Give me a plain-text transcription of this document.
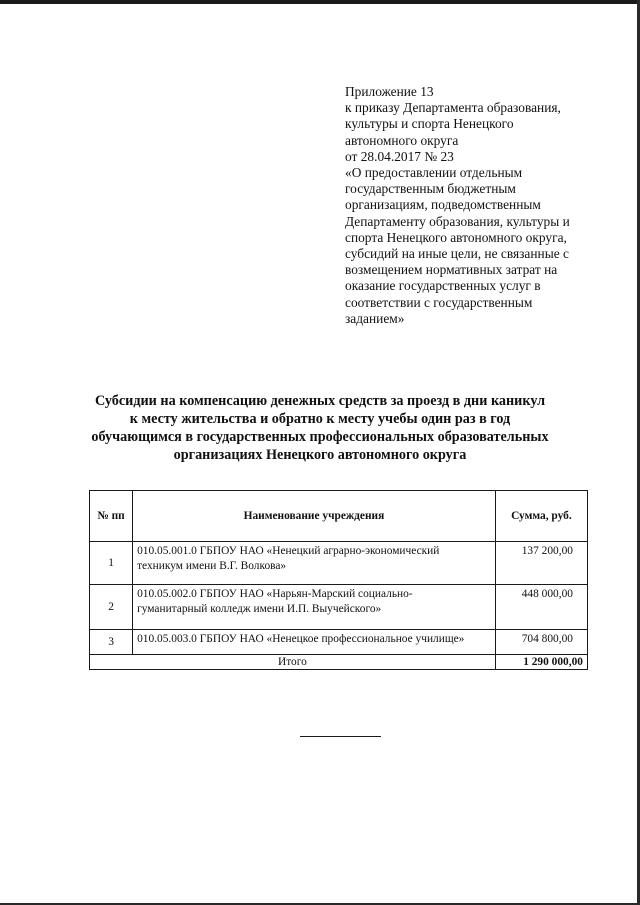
Приложение 13
к приказу Департамента образования,
культуры и спорта Ненецкого
автономного округа
от 28.04.2017 № 23
«О предоставлении отдельным
государственным бюджетным
организациям, подведомственным
Департаменту образования, культуры и
спорта Ненецкого автономного округа,
субсидий на иные цели, не связанные с
возмещением нормативных затрат на
оказание государственных услуг в
соответствии с государственным
заданием»
Субсидии на компенсацию денежных средств за проезд в дни каникул
к месту жительства и обратно к месту учебы один раз в год
обучающимся в государственных профессиональных образовательных
организациях Ненецкого автономного округа
№ пп	Наименование учреждения	Сумма, руб.
1	010.05.001.0 ГБПОУ НАО «Ненецкий аграрно-экономический
техникум имени В.Г. Волкова»	137 200,00
2	010.05.002.0 ГБПОУ НАО «Нарьян-Марский социально-
гуманитарный колледж имени И.П. Выучейского»	448 000,00
3	010.05.003.0 ГБПОУ НАО «Ненецкое профессиональное училище»	704 800,00
Итого		1 290 000,00
